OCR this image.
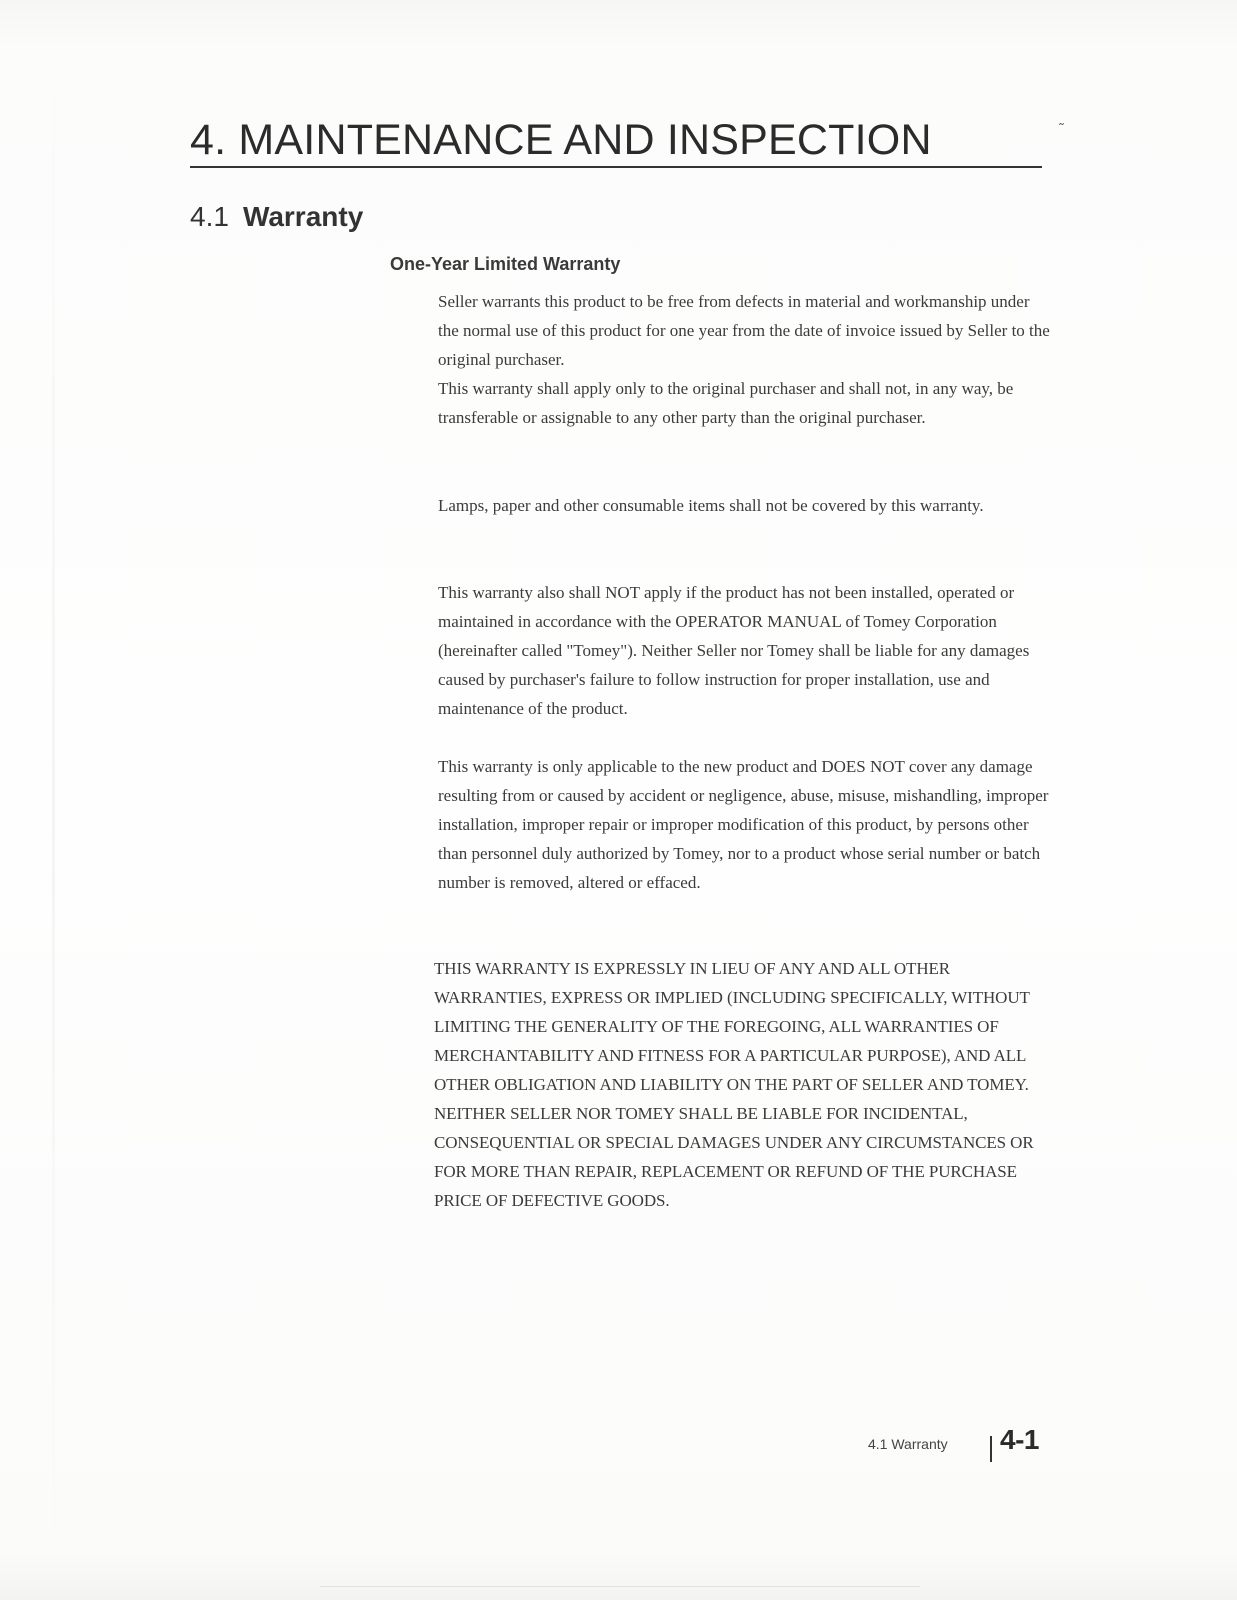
4. MAINTENANCE AND INSPECTION	˜
4.1 Warranty
One-Year Limited Warranty

Seller warrants this product to be free from defects in material and workmanship under the normal use of this product for one year from the date of invoice issued by Seller to the original purchaser.

This warranty shall apply only to the original purchaser and shall not, in any way, be transferable or assignable to any other party than the original purchaser.

Lamps, paper and other consumable items shall not be covered by this warranty.

This warranty also shall NOT apply if the product has not been installed, operated or maintained in accordance with the OPERATOR MANUAL of Tomey Corporation (hereinafter called "Tomey"). Neither Seller nor Tomey shall be liable for any damages caused by purchaser's failure to follow instruction for proper installation, use and maintenance of the product.

This warranty is only applicable to the new product and DOES NOT cover any damage resulting from or caused by accident or negligence, abuse, misuse, mishandling, improper installation, improper repair or improper modification of this product, by persons other than personnel duly authorized by Tomey, nor to a product whose serial number or batch number is removed, altered or effaced.

THIS WARRANTY IS EXPRESSLY IN LIEU OF ANY AND ALL OTHER WARRANTIES, EXPRESS OR IMPLIED (INCLUDING SPECIFICALLY, WITHOUT LIMITING THE GENERALITY OF THE FOREGOING, ALL WARRANTIES OF MERCHANTABILITY AND FITNESS FOR A PARTICULAR PURPOSE), AND ALL OTHER OBLIGATION AND LIABILITY ON THE PART OF SELLER AND TOMEY. NEITHER SELLER NOR TOMEY SHALL BE LIABLE FOR INCIDENTAL, CONSEQUENTIAL OR SPECIAL DAMAGES UNDER ANY CIRCUMSTANCES OR FOR MORE THAN REPAIR, REPLACEMENT OR REFUND OF THE PURCHASE PRICE OF DEFECTIVE GOODS.

4.1 Warranty 4-1
